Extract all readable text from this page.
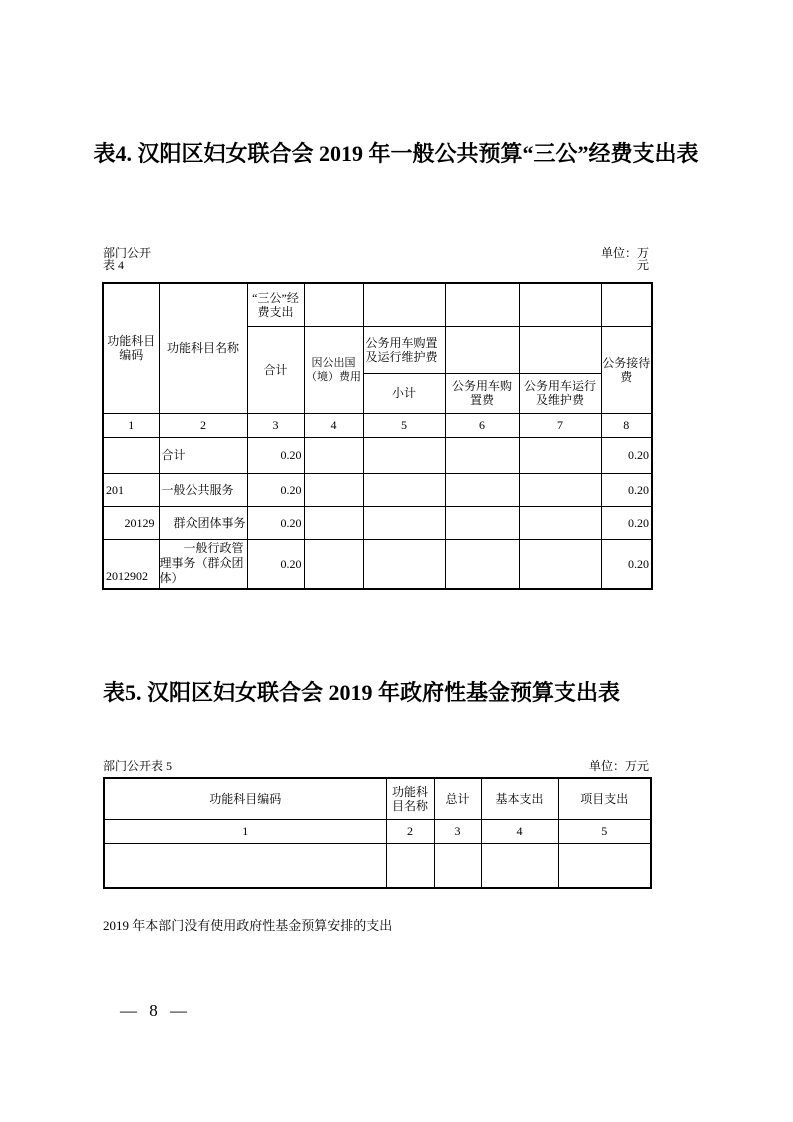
表4. 汉阳区妇女联合会 2019 年一般公共预算“三公”经费支出表
部门公开表 4
单位：万元
功能科目编码	功能科目名称	“三公”经费支出					
		合计	因公出国（境）费用	公务用车购置及运行维护费			公务接待费
				小计	公务用车购置费	公务用车运行及维护费	
1	2	3	4	5	6	7	8
	合计	0.20					0.20
201	一般公共服务	0.20					0.20
20129	群众团体事务	0.20					0.20
2012902	一般行政管理事务（群众团体）	0.20					0.20
表5. 汉阳区妇女联合会 2019 年政府性基金预算支出表
部门公开表 5	单位：万元
功能科目编码	功能科目名称	总计	基本支出	项目支出
1	2	3	4	5

2019 年本部门没有使用政府性基金预算安排的支出
— 8 —
